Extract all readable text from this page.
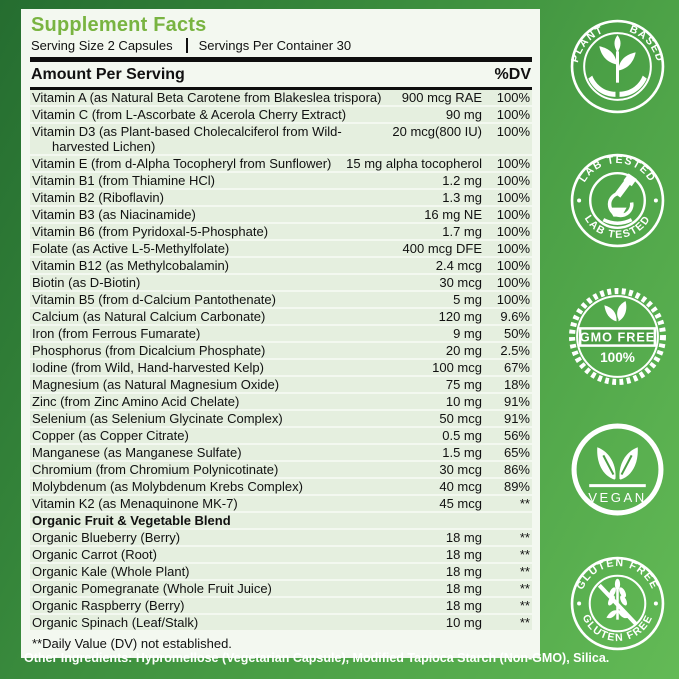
Supplement Facts
Serving Size 2 Capsules Servings Per Container 30
Amount Per Serving	%DV
Vitamin A (as Natural Beta Carotene from Blakeslea trispora)	900 mcg RAE	100%
Vitamin C (from L-Ascorbate & Acerola Cherry Extract)	90 mg	100%
Vitamin D3 (as Plant-based Cholecalciferol from Wild-harvested Lichen)
20 mcg(800 IU)	100%
Vitamin E (from d-Alpha Tocopheryl from Sunflower)	15 mg alpha tocopherol	100%
Vitamin B1 (from Thiamine HCl)	1.2 mg	100%
Vitamin B2 (Riboflavin)	1.3 mg	100%
Vitamin B3 (as Niacinamide)	16 mg NE	100%
Vitamin B6 (from Pyridoxal-5-Phosphate)	1.7 mg	100%
Folate (as Active L-5-Methylfolate)	400 mcg DFE	100%
Vitamin B12 (as Methylcobalamin)	2.4 mcg	100%
Biotin (as D-Biotin)	30 mcg	100%
Vitamin B5 (from d-Calcium Pantothenate)	5 mg	100%
Calcium (as Natural Calcium Carbonate)	120 mg	9.6%
Iron (from Ferrous Fumarate)	9 mg	50%
Phosphorus (from Dicalcium Phosphate)	20 mg	2.5%
Iodine (from Wild, Hand-harvested Kelp)	100 mcg	67%
Magnesium (as Natural Magnesium Oxide)	75 mg	18%
Zinc (from Zinc Amino Acid Chelate)	10 mg	91%
Selenium (as Selenium Glycinate Complex)	50 mcg	91%
Copper (as Copper Citrate)	0.5 mg	56%
Manganese (as Manganese Sulfate)	1.5 mg	65%
Chromium (from Chromium Polynicotinate)	30 mcg	86%
Molybdenum (as Molybdenum Krebs Complex)	40 mcg	89%
Vitamin K2 (as Menaquinone MK-7)	45 mcg	**
Organic Fruit & Vegetable Blend
Organic Blueberry (Berry)	18 mg	**
Organic Carrot (Root)	18 mg	**
Organic Kale (Whole Plant)	18 mg	**
Organic Pomegranate (Whole Fruit Juice)	18 mg	**
Organic Raspberry (Berry)	18 mg	**
Organic Spinach (Leaf/Stalk)	10 mg	**
**Daily Value (DV) not established.
Other Ingredients: Hypromellose (Vegetarian Capsule), Modified Tapioca Starch (Non-GMO), Silica.
PLANT BASED
LAB TESTED
LAB TESTED
GMO FREE
100%
VEGAN
GLUTEN FREE
GLUTEN FREE
